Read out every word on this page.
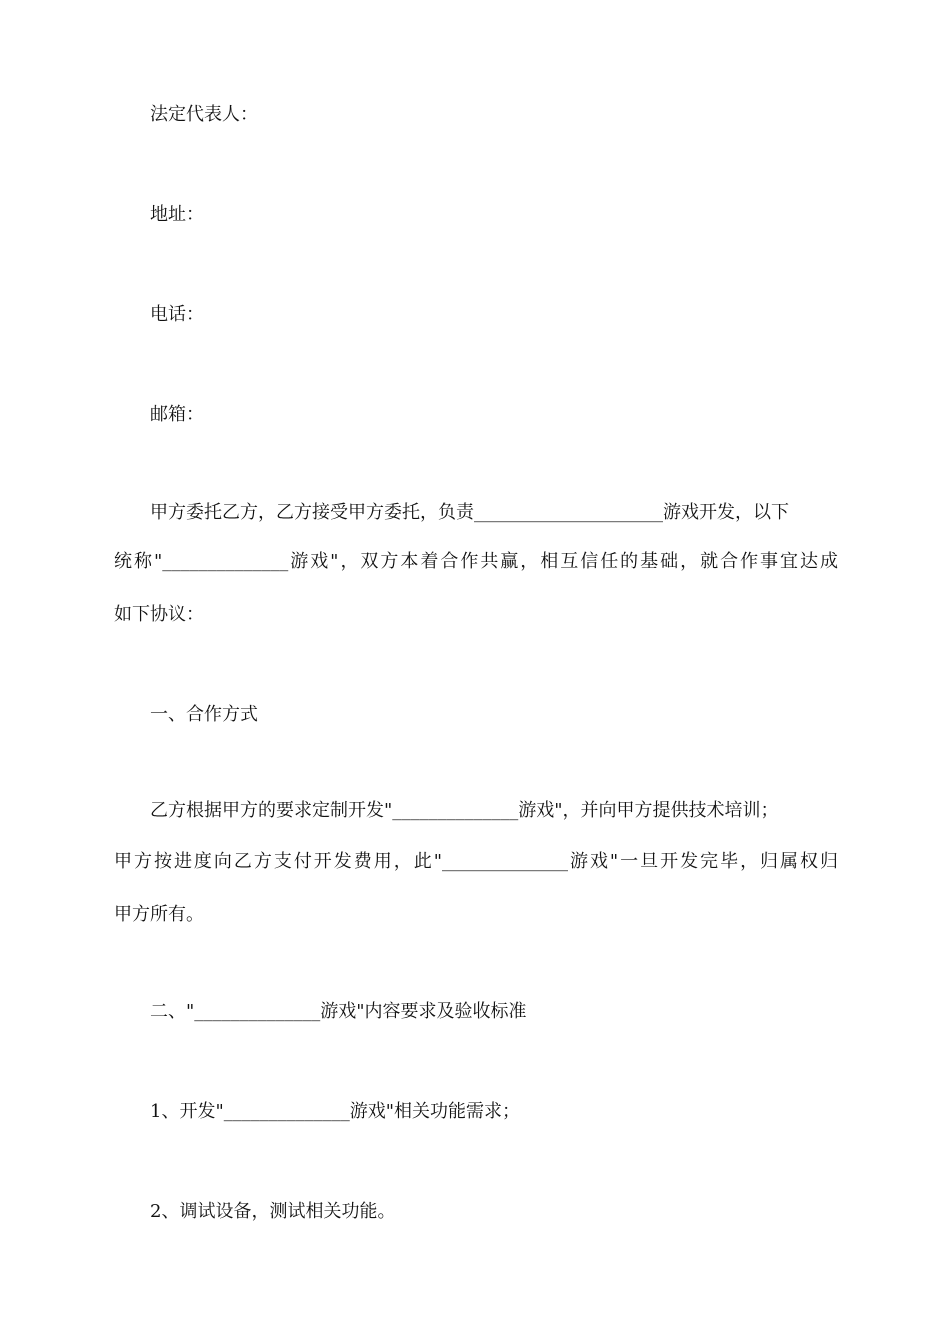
法定代表人：
地址：
电话：
邮箱：
甲方委托乙方，乙方接受甲方委托，负责_____________________游戏开发，以下
统称"______________游戏"，双方本着合作共赢，相互信任的基础，就合作事宜达成
如下协议：
一、合作方式
乙方根据甲方的要求定制开发"______________游戏"，并向甲方提供技术培训；
甲方按进度向乙方支付开发费用，此"______________游戏"一旦开发完毕，归属权归
甲方所有。
二、"______________游戏"内容要求及验收标准
1、开发"______________游戏"相关功能需求；
2、调试设备，测试相关功能。
